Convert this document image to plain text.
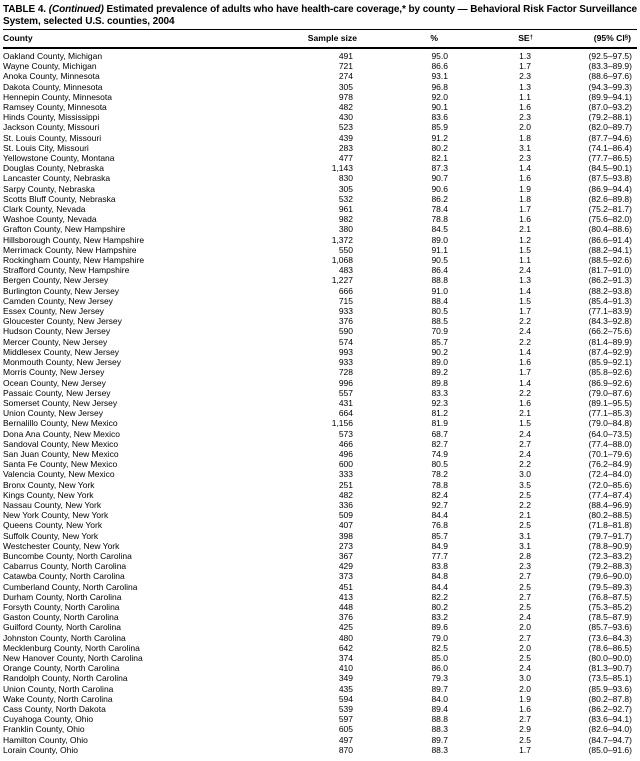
TABLE 4. (Continued) Estimated prevalence of adults who have health-care coverage,* by county — Behavioral Risk Factor Surveillance System, selected U.S. counties, 2004
County	Sample size	%	SE†	(95% CI§)
Oakland County, Michigan	491	95.0	1.3	(92.5–97.5)
Wayne County, Michigan	721	86.6	1.7	(83.3–89.9)
Anoka County, Minnesota	274	93.1	2.3	(88.6–97.6)
Dakota County, Minnesota	305	96.8	1.3	(94.3–99.3)
Hennepin County, Minnesota	978	92.0	1.1	(89.9–94.1)
Ramsey County, Minnesota	482	90.1	1.6	(87.0–93.2)
Hinds County, Mississippi	430	83.6	2.3	(79.2–88.1)
Jackson County, Missouri	523	85.9	2.0	(82.0–89.7)
St. Louis County, Missouri	439	91.2	1.8	(87.7–94.6)
St. Louis City, Missouri	283	80.2	3.1	(74.1–86.4)
Yellowstone County, Montana	477	82.1	2.3	(77.7–86.5)
Douglas County, Nebraska	1,143	87.3	1.4	(84.5–90.1)
Lancaster County, Nebraska	830	90.7	1.6	(87.5–93.8)
Sarpy County, Nebraska	305	90.6	1.9	(86.9–94.4)
Scotts Bluff County, Nebraska	532	86.2	1.8	(82.6–89.8)
Clark County, Nevada	961	78.4	1.7	(75.2–81.7)
Washoe County, Nevada	982	78.8	1.6	(75.6–82.0)
Grafton County, New Hampshire	380	84.5	2.1	(80.4–88.6)
Hillsborough County, New Hampshire	1,372	89.0	1.2	(86.6–91.4)
Merrimack County, New Hampshire	550	91.1	1.5	(88.2–94.1)
Rockingham County, New Hampshire	1,068	90.5	1.1	(88.5–92.6)
Strafford County, New Hampshire	483	86.4	2.4	(81.7–91.0)
Bergen County, New Jersey	1,227	88.8	1.3	(86.2–91.3)
Burlington County, New Jersey	666	91.0	1.4	(88.2–93.8)
Camden County, New Jersey	715	88.4	1.5	(85.4–91.3)
Essex County, New Jersey	933	80.5	1.7	(77.1–83.9)
Gloucester County, New Jersey	376	88.5	2.2	(84.3–92.8)
Hudson County, New Jersey	590	70.9	2.4	(66.2–75.6)
Mercer County, New Jersey	574	85.7	2.2	(81.4–89.9)
Middlesex County, New Jersey	993	90.2	1.4	(87.4–92.9)
Monmouth County, New Jersey	933	89.0	1.6	(85.9–92.1)
Morris County, New Jersey	728	89.2	1.7	(85.8–92.6)
Ocean County, New Jersey	996	89.8	1.4	(86.9–92.6)
Passaic County, New Jersey	557	83.3	2.2	(79.0–87.6)
Somerset County, New Jersey	431	92.3	1.6	(89.1–95.5)
Union County, New Jersey	664	81.2	2.1	(77.1–85.3)
Bernalillo County, New Mexico	1,156	81.9	1.5	(79.0–84.8)
Dona Ana County, New Mexico	573	68.7	2.4	(64.0–73.5)
Sandoval County, New Mexico	466	82.7	2.7	(77.4–88.0)
San Juan County, New Mexico	496	74.9	2.4	(70.1–79.6)
Santa Fe County, New Mexico	600	80.5	2.2	(76.2–84.9)
Valencia County, New Mexico	333	78.2	3.0	(72.4–84.0)
Bronx County, New York	251	78.8	3.5	(72.0–85.6)
Kings County, New York	482	82.4	2.5	(77.4–87.4)
Nassau County, New York	336	92.7	2.2	(88.4–96.9)
New York County, New York	509	84.4	2.1	(80.2–88.5)
Queens County, New York	407	76.8	2.5	(71.8–81.8)
Suffolk County, New York	398	85.7	3.1	(79.7–91.7)
Westchester County, New York	273	84.9	3.1	(78.8–90.9)
Buncombe County, North Carolina	367	77.7	2.8	(72.3–83.2)
Cabarrus County, North Carolina	429	83.8	2.3	(79.2–88.3)
Catawba County, North Carolina	373	84.8	2.7	(79.6–90.0)
Cumberland County, North Carolina	451	84.4	2.5	(79.5–89.3)
Durham County, North Carolina	413	82.2	2.7	(76.8–87.5)
Forsyth County, North Carolina	448	80.2	2.5	(75.3–85.2)
Gaston County, North Carolina	376	83.2	2.4	(78.5–87.9)
Guilford County, North Carolina	425	89.6	2.0	(85.7–93.6)
Johnston County, North Carolina	480	79.0	2.7	(73.6–84.3)
Mecklenburg County, North Carolina	642	82.5	2.0	(78.6–86.5)
New Hanover County, North Carolina	374	85.0	2.5	(80.0–90.0)
Orange County, North Carolina	410	86.0	2.4	(81.3–90.7)
Randolph County, North Carolina	349	79.3	3.0	(73.5–85.1)
Union County, North Carolina	435	89.7	2.0	(85.9–93.6)
Wake County, North Carolina	594	84.0	1.9	(80.2–87.8)
Cass County, North Dakota	539	89.4	1.6	(86.2–92.7)
Cuyahoga County, Ohio	597	88.8	2.7	(83.6–94.1)
Franklin County, Ohio	605	88.3	2.9	(82.6–94.0)
Hamilton County, Ohio	497	89.7	2.5	(84.7–94.7)
Lorain County, Ohio	870	88.3	1.7	(85.0–91.6)
